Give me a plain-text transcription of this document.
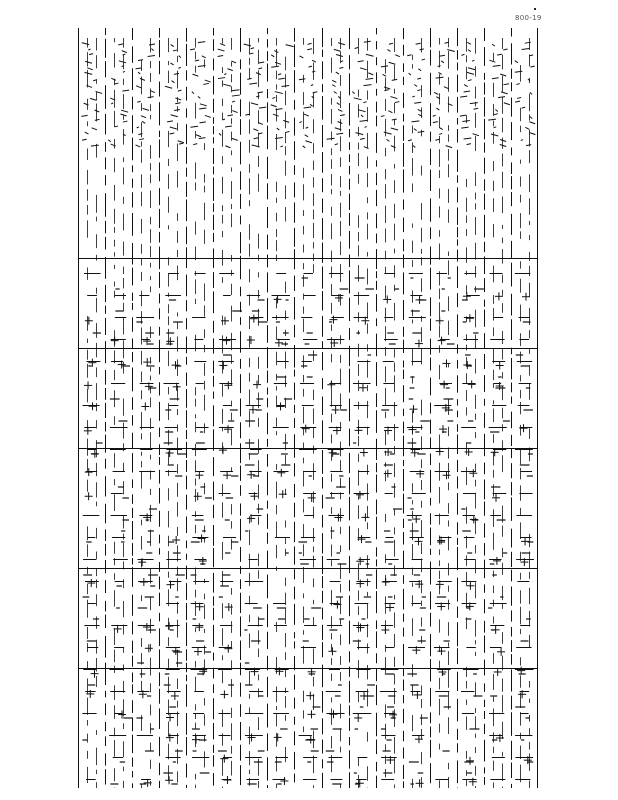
800-19
